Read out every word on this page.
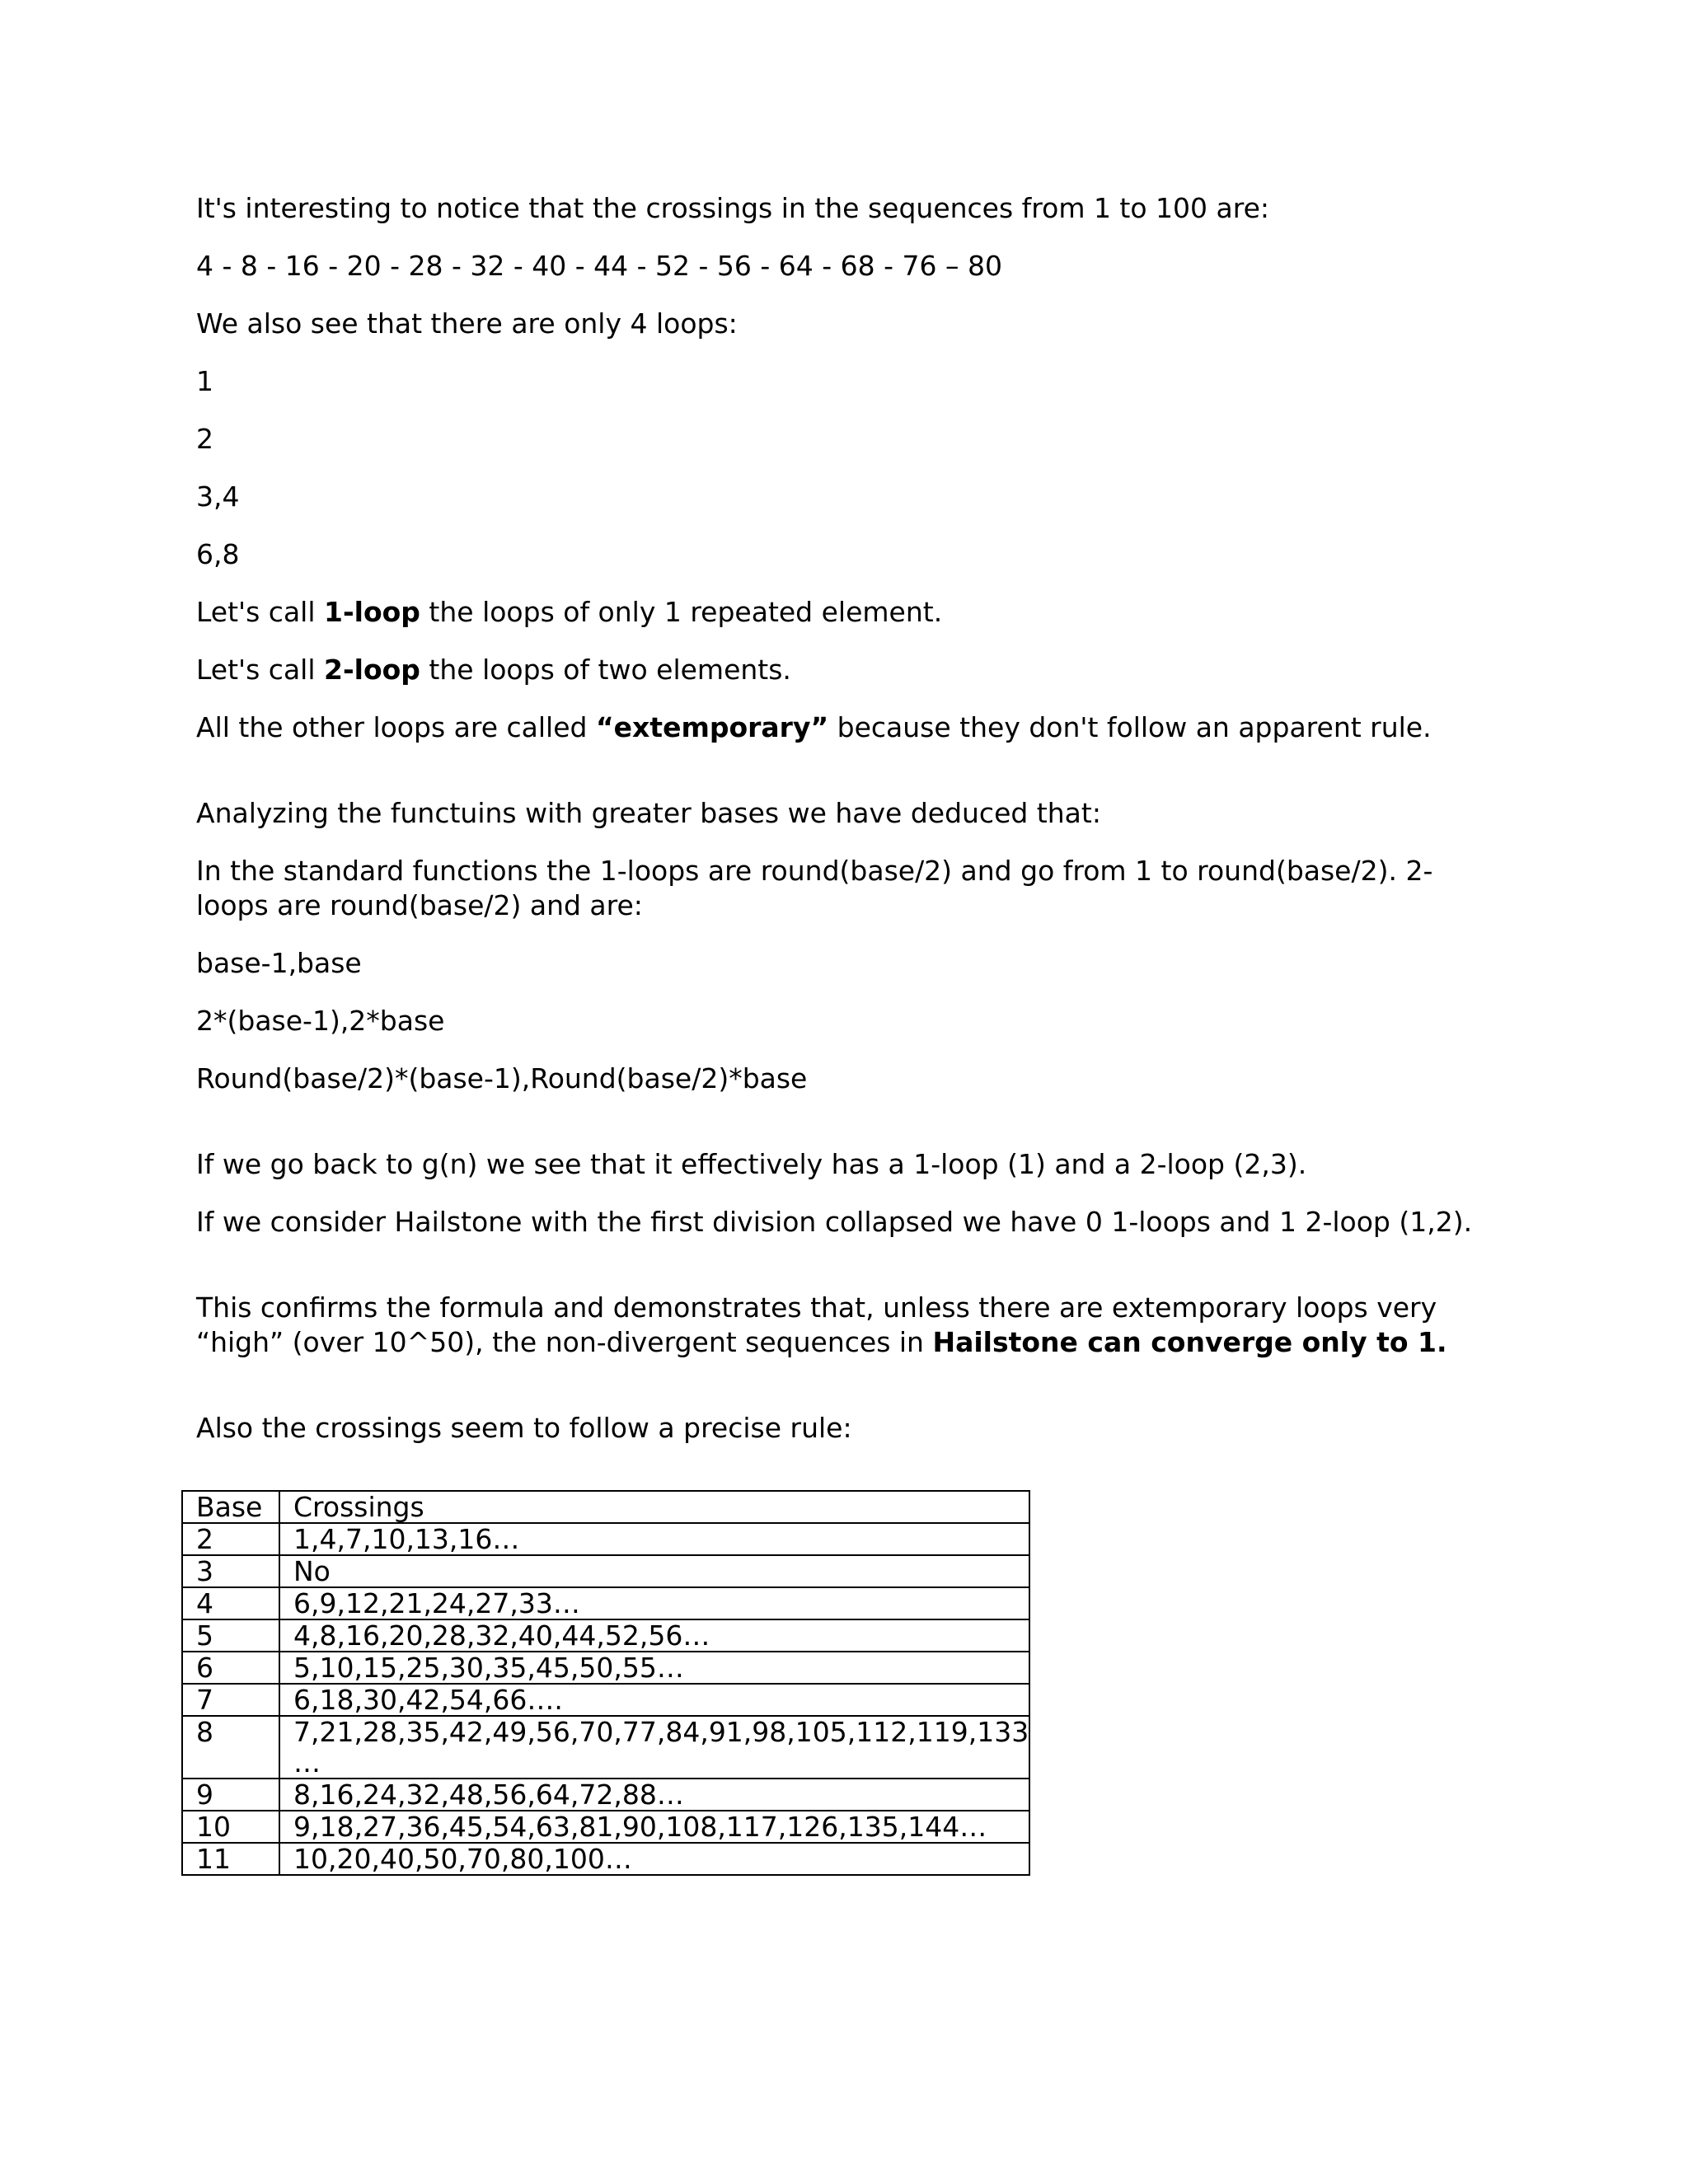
It's interesting to notice that the crossings in the sequences from 1 to 100 are:
4 - 8 - 16 - 20 - 28 - 32 - 40 - 44 - 52 - 56 - 64 - 68 - 76 – 80
We also see that there are only 4 loops:
1
2
3,4
6,8
Let's call 1-loop the loops of only 1 repeated element.
Let's call 2-loop the loops of two elements.
All the other loops are called “extemporary” because they don't follow an apparent rule.
Analyzing the functuins with greater bases we have deduced that:
In the standard functions the 1-loops are round(base/2) and go from 1 to round(base/2). 2-loops are round(base/2) and are:
base-1,base
2*(base-1),2*base
Round(base/2)*(base-1),Round(base/2)*base
If we go back to g(n) we see that it effectively has a 1-loop (1) and a 2-loop (2,3).
If we consider Hailstone with the first division collapsed we have 0 1-loops and 1 2-loop (1,2).
This confirms the formula and demonstrates that, unless there are extemporary loops very “high” (over 10^50), the non-divergent sequences in Hailstone can converge only to 1.
Also the crossings seem to follow a precise rule:
Base	Crossings
2	1,4,7,10,13,16…
3	No
4	6,9,12,21,24,27,33…
5	4,8,16,20,28,32,40,44,52,56…
6	5,10,15,25,30,35,45,50,55…
7	6,18,30,42,54,66….
8	7,21,28,35,42,49,56,70,77,84,91,98,105,112,119,133
…
9	8,16,24,32,48,56,64,72,88…
10	9,18,27,36,45,54,63,81,90,108,117,126,135,144…
11	10,20,40,50,70,80,100…
